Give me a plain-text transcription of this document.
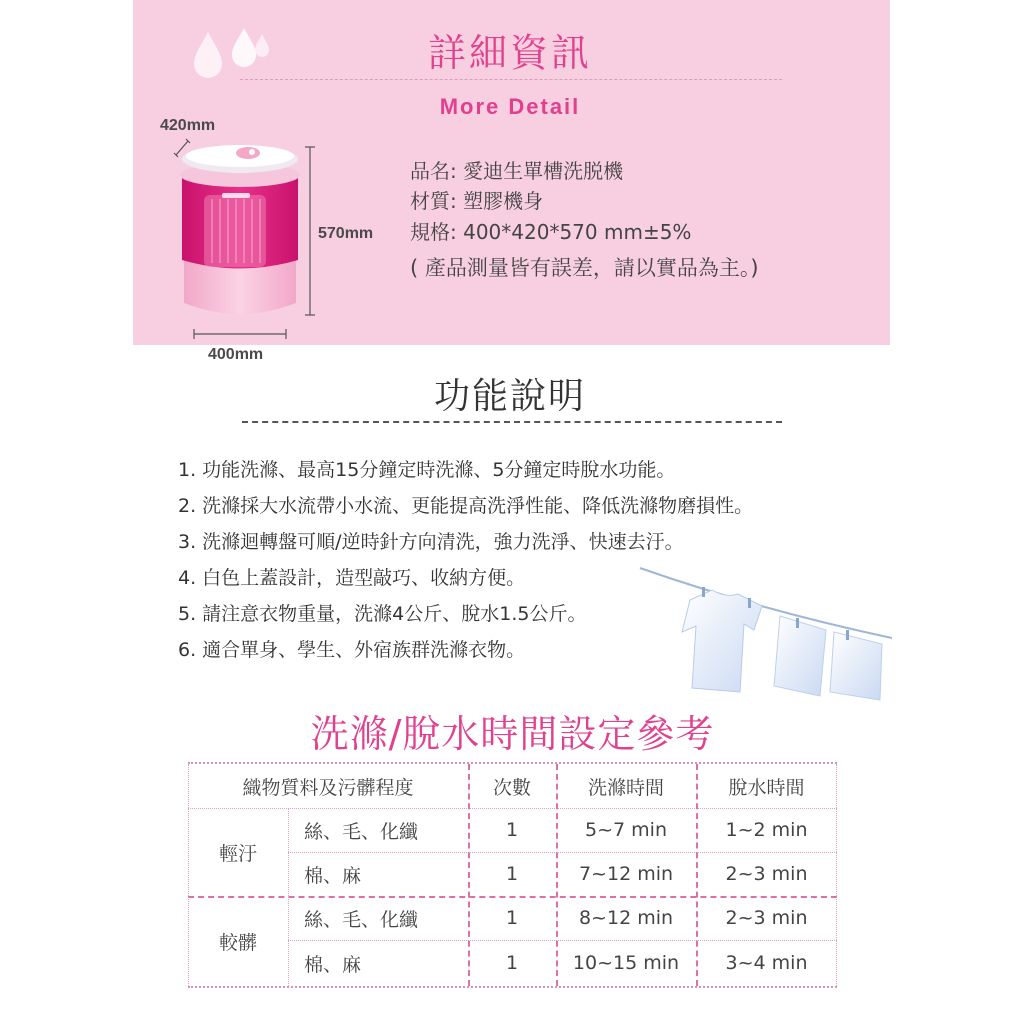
詳細資訊
More Detail
品名: 愛迪生單槽洗脱機
材質: 塑膠機身
規格: 400*420*570 mm±5%
( 產品測量皆有誤差，請以實品為主。)
420mm
570mm
400mm
功能說明
1. 功能洗滌、最高15分鐘定時洗滌、5分鐘定時脫水功能。
2. 洗滌採大水流帶小水流、更能提高洗淨性能、降低洗滌物磨損性。
3. 洗滌迴轉盤可順/逆時針方向清洗，強力洗淨、快速去汙。
4. 白色上蓋設計，造型敲巧、收納方便。
5. 請注意衣物重量，洗滌4公斤、脫水1.5公斤。
6. 適合單身、學生、外宿族群洗滌衣物。
洗滌/脫水時間設定參考
織物質料及污髒程度	次數	洗滌時間	脫水時間
輕汙
絲、毛、化纖	1	5~7 min	1~2 min
棉、麻	1	7~12 min	2~3 min
較髒
絲、毛、化纖	1	8~12 min	2~3 min
棉、麻	1	10~15 min	3~4 min
